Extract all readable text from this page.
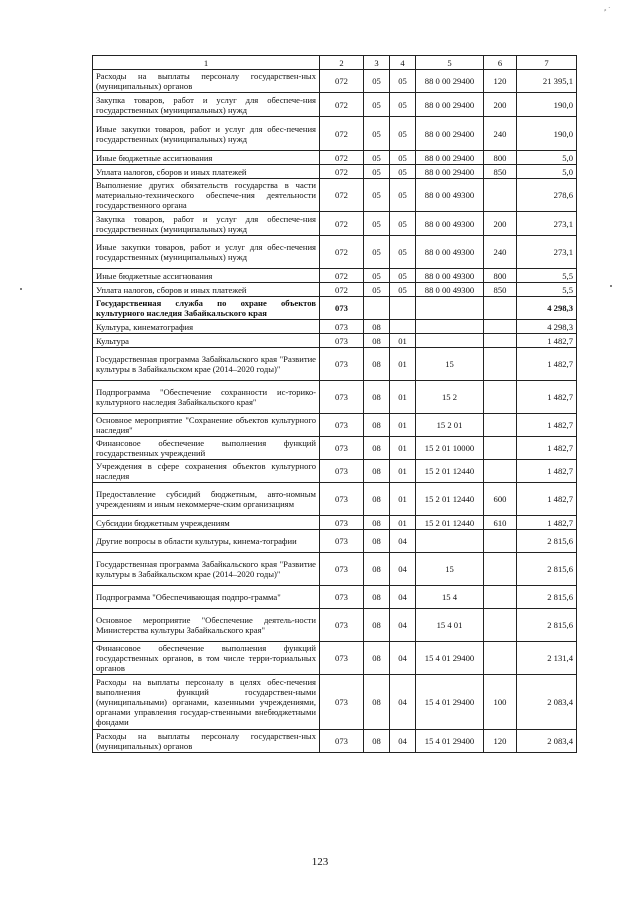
⸗ ´
1	2	3	4	5	6	7
Расходы на выплаты персоналу государствен-ных (муниципальных) органов	072	05	05	88 0 00 29400	120	21 395,1
Закупка товаров, работ и услуг для обеспече-ния государственных (муниципальных) нужд	072	05	05	88 0 00 29400	200	190,0
Иные закупки товаров, работ и услуг для обес-печения государственных (муниципальных) нужд	072	05	05	88 0 00 29400	240	190,0
Иные бюджетные ассигнования	072	05	05	88 0 00 29400	800	5,0
Уплата налогов, сборов и иных платежей	072	05	05	88 0 00 29400	850	5,0
Выполнение других обязательств государства в части материально-технического обеспече-ния деятельности государственного органа	072	05	05	88 0 00 49300		278,6
Закупка товаров, работ и услуг для обеспече-ния государственных (муниципальных) нужд	072	05	05	88 0 00 49300	200	273,1
Иные закупки товаров, работ и услуг для обес-печения государственных (муниципальных) нужд	072	05	05	88 0 00 49300	240	273,1
Иные бюджетные ассигнования	072	05	05	88 0 00 49300	800	5,5
Уплата налогов, сборов и иных платежей	072	05	05	88 0 00 49300	850	5,5
Государственная служба по охране объектов культурного наследия Забайкальского края	073					4 298,3
Культура, кинематография	073	08				4 298,3
Культура	073	08	01			1 482,7
Государственная программа Забайкальского края "Развитие культуры в Забайкальском крае (2014–2020 годы)"	073	08	01	15		1 482,7
Подпрограмма "Обеспечение сохранности ис-торико-культурного наследия Забайкальского края"	073	08	01	15 2		1 482,7
Основное мероприятие "Сохранение объектов культурного наследия"	073	08	01	15 2 01		1 482,7
Финансовое обеспечение выполнения функций государственных учреждений	073	08	01	15 2 01 10000		1 482,7
Учреждения в сфере сохранения объектов культурного наследия	073	08	01	15 2 01 12440		1 482,7
Предоставление субсидий бюджетным, авто-номным учреждениям и иным некоммерче-ским организациям	073	08	01	15 2 01 12440	600	1 482,7
Субсидии бюджетным учреждениям	073	08	01	15 2 01 12440	610	1 482,7
Другие вопросы в области культуры, кинема-тографии	073	08	04			2 815,6
Государственная программа Забайкальского края "Развитие культуры в Забайкальском крае (2014–2020 годы)"	073	08	04	15		2 815,6
Подпрограмма "Обеспечивающая подпро-грамма"	073	08	04	15 4		2 815,6
Основное мероприятие "Обеспечение деятель-ности Министерства культуры Забайкальского края"	073	08	04	15 4 01		2 815,6
Финансовое обеспечение выполнения функций государственных органов, в том числе терри-ториальных органов	073	08	04	15 4 01 29400		2 131,4
Расходы на выплаты персоналу в целях обес-печения выполнения функций государствен-ными (муниципальными) органами, казенными учреждениями, органами управления государ-ственными внебюджетными фондами	073	08	04	15 4 01 29400	100	2 083,4
Расходы на выплаты персоналу государствен-ных (муниципальных) органов	073	08	04	15 4 01 29400	120	2 083,4
123
